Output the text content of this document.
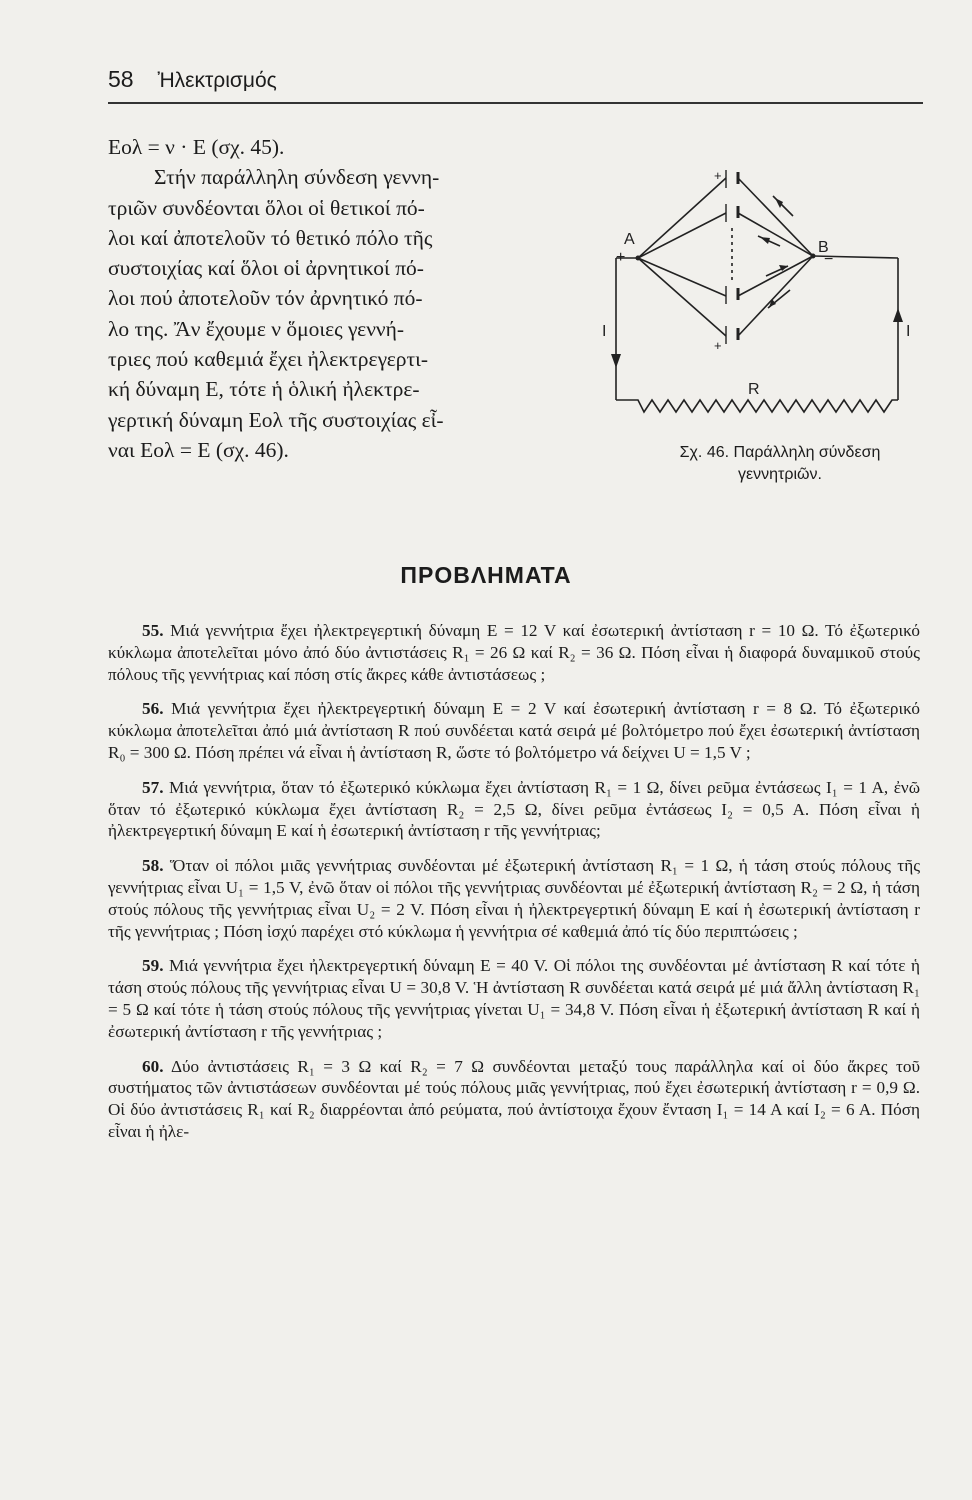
58 Ἠλεκτρισμός
Eολ = ν · E (σχ. 45).
Στήν παράλληλη σύνδεση γεννη-
τριῶν συνδέονται ὅλοι οἱ θετικοί πό-
λοι καί ἀποτελοῦν τό θετικό πόλο τῆς
συστοιχίας καί ὅλοι οἱ ἀρνητικοί πό-
λοι πού ἀποτελοῦν τόν ἀρνητικό πό-
λο της. Ἄν ἔχουμε ν ὅμοιες γεννή-
τριες πού καθεμιά ἔχει ἠλεκτρεγερτι-
κή δύναμη E, τότε ἡ ὁλική ἠλεκτρε-
γερτική δύναμη Eολ τῆς συστοιχίας εἶ-
ναι Eολ = E (σχ. 46).
A
+
B
−
I	I
R
+
+
Σχ. 46. Παράλληλη σύνδεση γεννητριῶν.
ΠΡΟΒΛΗΜΑΤΑ

55. Μιά γεννήτρια ἔχει ἠλεκτρεγερτική δύναμη E = 12 V καί ἐσωτερική ἀντίσταση r = 10 Ω. Τό ἐξωτερικό κύκλωμα ἀποτελεῖται μόνο ἀπό δύο ἀντιστάσεις R₁ = 26 Ω καί R₂ = 36 Ω. Πόση εἶναι ἡ διαφορά δυναμικοῦ στούς πόλους τῆς γεννήτριας καί πόση στίς ἄκρες κάθε ἀντιστάσεως ;

56. Μιά γεννήτρια ἔχει ἠλεκτρεγερτική δύναμη E = 2 V καί ἐσωτερική ἀντίσταση r = 8 Ω. Τό ἐξωτερικό κύκλωμα ἀποτελεῖται ἀπό μιά ἀντίσταση R πού συνδέεται κατά σειρά μέ βολτόμετρο πού ἔχει ἐσωτερική ἀντίσταση R₀ = 300 Ω. Πόση πρέπει νά εἶναι ἡ ἀντίσταση R, ὥστε τό βολτόμετρο νά δείχνει U = 1,5 V ;

57. Μιά γεννήτρια, ὅταν τό ἐξωτερικό κύκλωμα ἔχει ἀντίσταση R₁ = 1 Ω, δίνει ρεῦμα ἐντάσεως I₁ = 1 A, ἐνῶ ὅταν τό ἐξωτερικό κύκλωμα ἔχει ἀντίσταση R₂ = 2,5 Ω, δίνει ρεῦμα ἐντάσεως I₂ = 0,5 A. Πόση εἶναι ἡ ἠλεκτρεγερτική δύναμη E καί ἡ ἐσωτερική ἀντίσταση r τῆς γεννήτριας;

58. Ὅταν οἱ πόλοι μιᾶς γεννήτριας συνδέονται μέ ἐξωτερική ἀντίσταση R₁ = 1 Ω, ἡ τάση στούς πόλους τῆς γεννήτριας εἶναι U₁ = 1,5 V, ἐνῶ ὅταν οἱ πόλοι τῆς γεννήτριας συνδέονται μέ ἐξωτερική ἀντίσταση R₂ = 2 Ω, ἡ τάση στούς πόλους τῆς γεννήτριας εἶναι U₂ = 2 V. Πόση εἶναι ἡ ἠλεκτρεγερτική δύναμη E καί ἡ ἐσωτερική ἀντίσταση r τῆς γεννήτριας ; Πόση ἰσχύ παρέχει στό κύκλωμα ἡ γεννήτρια σέ καθεμιά ἀπό τίς δύο περιπτώσεις ;

59. Μιά γεννήτρια ἔχει ἠλεκτρεγερτική δύναμη E = 40 V. Οἱ πόλοι της συνδέονται μέ ἀντίσταση R καί τότε ἡ τάση στούς πόλους τῆς γεννήτριας εἶναι U = 30,8 V. Ἡ ἀντίσταση R συνδέεται κατά σειρά μέ μιά ἄλλη ἀντίσταση R₁ = 5 Ω καί τότε ἡ τάση στούς πόλους τῆς γεννήτριας γίνεται U₁ = 34,8 V. Πόση εἶναι ἡ ἐξωτερική ἀντίσταση R καί ἡ ἐσωτερική ἀντίσταση r τῆς γεννήτριας ;

60. Δύο ἀντιστάσεις R₁ = 3 Ω καί R₂ = 7 Ω συνδέονται μεταξύ τους παράλληλα καί οἱ δύο ἄκρες τοῦ συστήματος τῶν ἀντιστάσεων συνδέονται μέ τούς πόλους μιᾶς γεννήτριας, πού ἔχει ἐσωτερική ἀντίσταση r = 0,9 Ω. Οἱ δύο ἀντιστάσεις R₁ καί R₂ διαρρέονται ἀπό ρεύματα, πού ἀντίστοιχα ἔχουν ἔνταση I₁ = 14 A καί I₂ = 6 A. Πόση εἶναι ἡ ἠλε-
